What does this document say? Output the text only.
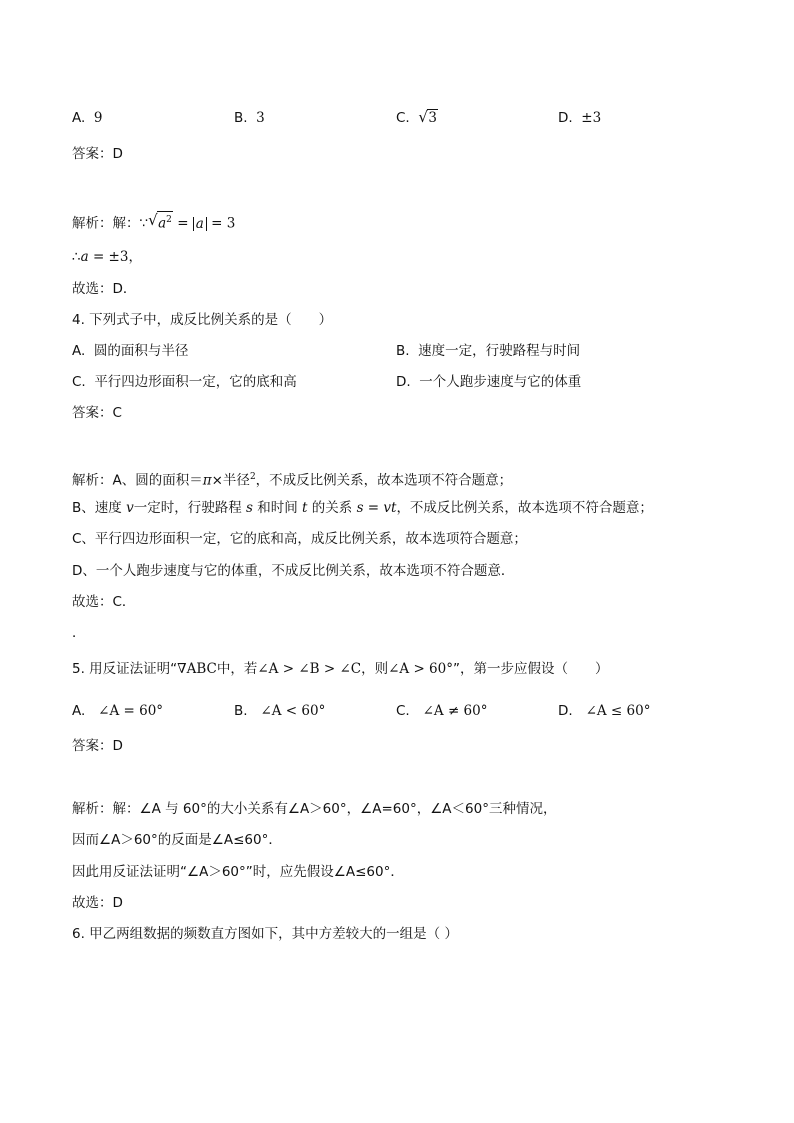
A. 9	B. 3	C. √ 3	D. ±3
答案：D
解析：解：∵ √ $a^2 = a = 3$
∴a = ±3，
故选：D．
4. 下列式子中，成反比例关系的是（　　）
A. 圆的面积与半径	B. 速度一定，行驶路程与时间
C. 平行四边形面积一定，它的底和高	D. 一个人跑步速度与它的体重
答案：C
解析：A、圆的面积＝π×半径$^2$，不成反比例关系，故本选项不符合题意；
B、速度 v一定时，行驶路程 s 和时间 t 的关系 s = vt，不成反比例关系，故本选项不符合题意；
C、平行四边形面积一定，它的底和高，成反比例关系，故本选项符合题意；
D、一个人跑步速度与它的体重，不成反比例关系，故本选项不符合题意．
故选：C．
．
5. 用反证法证明“∇ABC中，若∠A > ∠B > ∠C，则∠A > 60°”，第一步应假设（　　）
A. ∠A = 60°	B. ∠A < 60°	C. ∠A ≠ 60°	D. ∠A ≤ 60°
答案：D
解析：解：∠A 与 60°的大小关系有∠A＞60°，∠A=60°，∠A＜60°三种情况，
因而∠A＞60°的反面是∠A≤60°．
因此用反证法证明“∠A＞60°”时，应先假设∠A≤60°．
故选：D
6. 甲乙两组数据的频数直方图如下，其中方差较大的一组是（ ）
